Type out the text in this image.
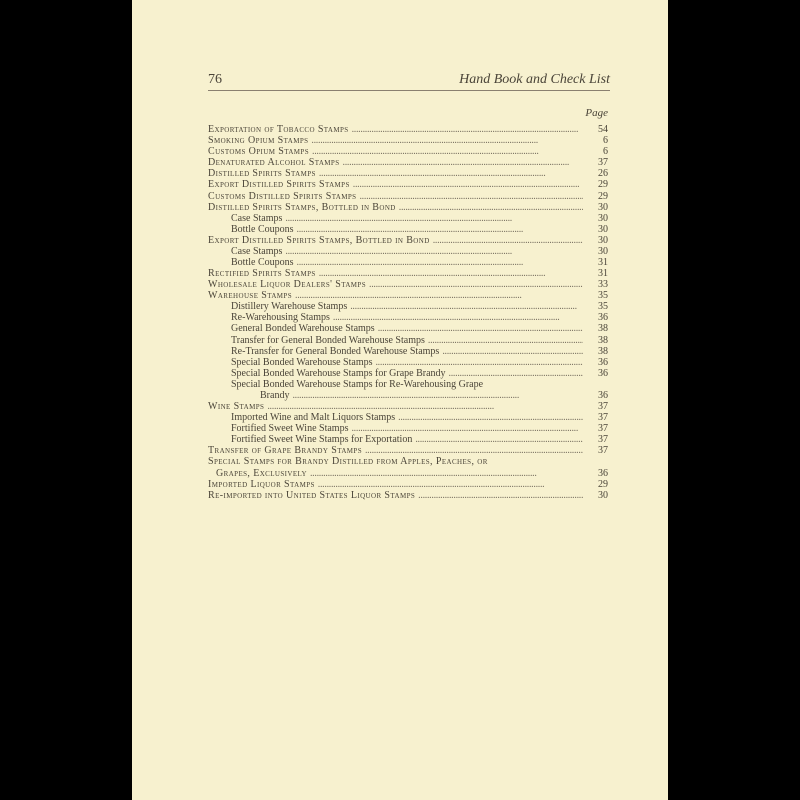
76	Hand Book and Check List
Page
Exportation of Tobacco Stamps . . .	54
Smoking Opium Stamps . . .	6
Customs Opium Stamps . . .	6
Denaturated Alcohol Stamps . . .	37
Distilled Spirits Stamps . . .	26
Export Distilled Spirits Stamps . . .	29
Customs Distilled Spirits Stamps . . .	29
Distilled Spirits Stamps, Bottled in Bond . . .	30
Case Stamps . . .	30
Bottle Coupons . . .	30
Export Distilled Spirits Stamps, Bottled in Bond . . .	30
Case Stamps . . .	30
Bottle Coupons . . .	31
Rectified Spirits Stamps . . .	31
Wholesale Liquor Dealers' Stamps . . .	33
Warehouse Stamps . . .	35
Distillery Warehouse Stamps . . .	35
Re-Warehousing Stamps . . .	36
General Bonded Warehouse Stamps . . .	38
Transfer for General Bonded Warehouse Stamps . . .	38
Re-Transfer for General Bonded Warehouse Stamps . . .	38
Special Bonded Warehouse Stamps . . .	36
Special Bonded Warehouse Stamps for Grape Brandy . . .	36
Special Bonded Warehouse Stamps for Re-Warehousing Grape
Brandy . . .	36
Wine Stamps . . .	37
Imported Wine and Malt Liquors Stamps . . .	37
Fortified Sweet Wine Stamps . . .	37
Fortified Sweet Wine Stamps for Exportation . . .	37
Transfer of Grape Brandy Stamps . . .	37
Special Stamps for Brandy Distilled from Apples, Peaches, or
Grapes, Exclusively . . .	36
Imported Liquor Stamps . . .	29
Re-imported into United States Liquor Stamps . . .	30
